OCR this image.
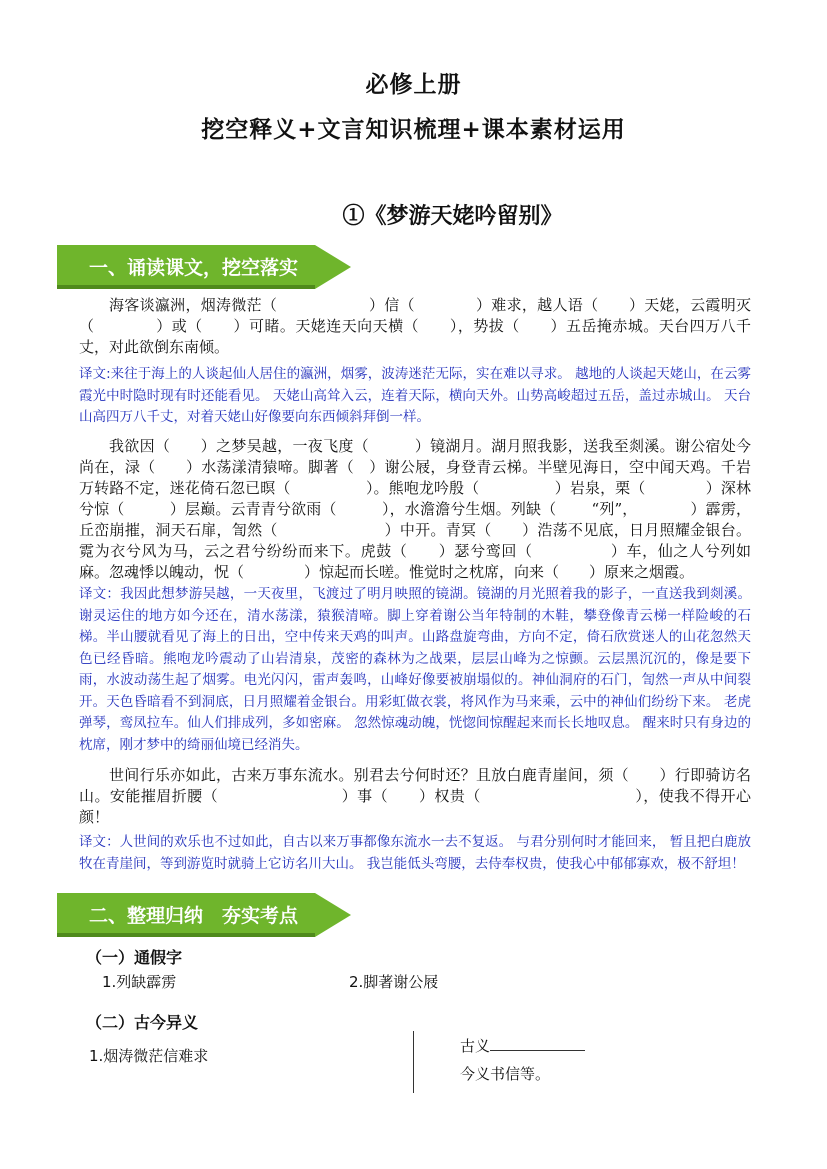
必修上册
挖空释义+文言知识梳理+课本素材运用
①《梦游天姥吟留别》
一、诵读课文，挖空落实
海客谈瀛洲，烟涛微茫（　　　　　　）信（　　　　）难求，越人语（　　）天姥，云霞明灭（　　　　）或（　　）可睹。天姥连天向天横（　　），势拔（　　）五岳掩赤城。天台四万八千丈，对此欲倒东南倾。
译文:来往于海上的人谈起仙人居住的瀛洲，烟雾，波涛迷茫无际，实在难以寻求。 越地的人谈起天姥山，在云雾霞光中时隐时现有时还能看见。 天姥山高耸入云，连着天际，横向天外。山势高峻超过五岳，盖过赤城山。 天台山高四万八千丈，对着天姥山好像要向东西倾斜拜倒一样。
我欲因（　　）之梦吴越，一夜飞度（　　　）镜湖月。湖月照我影，送我至剡溪。谢公宿处今尚在，渌（　　）水荡漾清猿啼。脚著（　）谢公屐，身登青云梯。半壁见海日，空中闻天鸡。千岩万转路不定，迷花倚石忽已暝（　　　　　）。熊咆龙吟殷（　　　　　）岩泉，栗（　　　　）深林兮惊（　　　）层巅。云青青兮欲雨（　　　），水澹澹兮生烟。列缺（　　 “列”，　　　　）霹雳，丘峦崩摧，洞天石扉，訇然（　　　　　　　）中开。青冥（　　）浩荡不见底，日月照耀金银台。霓为衣兮风为马，云之君兮纷纷而来下。虎鼓（　　）瑟兮鸾回（　　　　　）车，仙之人兮列如麻。忽魂悸以魄动，怳（　　　　）惊起而长嗟。惟觉时之枕席，向来（　　）原来之烟霞。
译文：我因此想梦游吴越，一天夜里，飞渡过了明月映照的镜湖。镜湖的月光照着我的影子，一直送我到剡溪。谢灵运住的地方如今还在，清水荡漾，猿猴清啼。脚上穿着谢公当年特制的木鞋，攀登像青云梯一样险峻的石梯。半山腰就看见了海上的日出，空中传来天鸡的叫声。山路盘旋弯曲，方向不定，倚石欣赏迷人的山花忽然天色已经昏暗。熊咆龙吟震动了山岩清泉，茂密的森林为之战栗，层层山峰为之惊颤。云层黑沉沉的，像是要下雨，水波动荡生起了烟雾。电光闪闪，雷声轰鸣，山峰好像要被崩塌似的。神仙洞府的石门，訇然一声从中间裂开。天色昏暗看不到洞底，日月照耀着金银台。用彩虹做衣裳，将风作为马来乘，云中的神仙们纷纷下来。 老虎弹琴，鸾凤拉车。仙人们排成列，多如密麻。 忽然惊魂动魄，恍惚间惊醒起来而长长地叹息。 醒来时只有身边的枕席，刚才梦中的绮丽仙境已经消失。
世间行乐亦如此，古来万事东流水。别君去兮何时还？且放白鹿青崖间，须（　　）行即骑访名山。安能摧眉折腰（　　　　　　　　）事（　　）权贵（　　　　　　　　　　），使我不得开心颜！
译文：人世间的欢乐也不过如此，自古以来万事都像东流水一去不复返。 与君分别何时才能回来， 暂且把白鹿放牧在青崖间，等到游览时就骑上它访名川大山。 我岂能低头弯腰，去侍奉权贵，使我心中郁郁寡欢，极不舒坦！
二、整理归纳　夯实考点
（一）通假字
1.列缺霹雳	2.脚著谢公屐
（二）古今异义
1.烟涛微茫信难求
古义
今义书信等。
